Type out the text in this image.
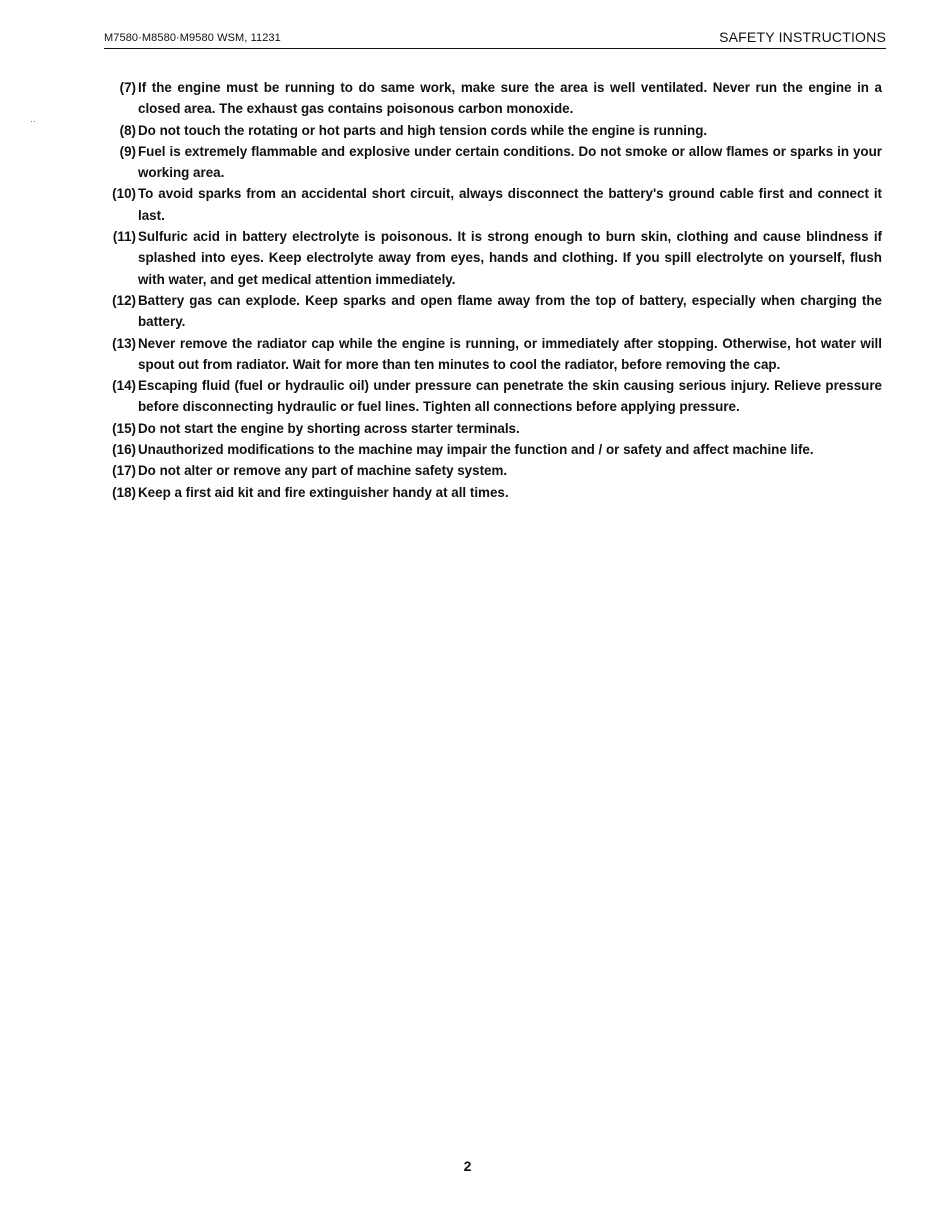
M7580·M8580·M9580 WSM, 11231	SAFETY INSTRUCTIONS
··
(7) If the engine must be running to do same work, make sure the area is well ventilated. Never run the engine in a closed area. The exhaust gas contains poisonous carbon monoxide.
(8) Do not touch the rotating or hot parts and high tension cords while the engine is running.
(9) Fuel is extremely flammable and explosive under certain conditions. Do not smoke or allow flames or sparks in your working area.
(10) To avoid sparks from an accidental short circuit, always disconnect the battery's ground cable first and connect it last.
(11) Sulfuric acid in battery electrolyte is poisonous. It is strong enough to burn skin, clothing and cause blindness if splashed into eyes. Keep electrolyte away from eyes, hands and clothing. If you spill electrolyte on yourself, flush with water, and get medical attention immediately.
(12) Battery gas can explode. Keep sparks and open flame away from the top of battery, especially when charging the battery.
(13) Never remove the radiator cap while the engine is running, or immediately after stopping. Otherwise, hot water will spout out from radiator. Wait for more than ten minutes to cool the radiator, before removing the cap.
(14) Escaping fluid (fuel or hydraulic oil) under pressure can penetrate the skin causing serious injury. Relieve pressure before disconnecting hydraulic or fuel lines. Tighten all connections before applying pressure.
(15) Do not start the engine by shorting across starter terminals.
(16) Unauthorized modifications to the machine may impair the function and / or safety and affect machine life.
(17) Do not alter or remove any part of machine safety system.
(18) Keep a first aid kit and fire extinguisher handy at all times.
2
